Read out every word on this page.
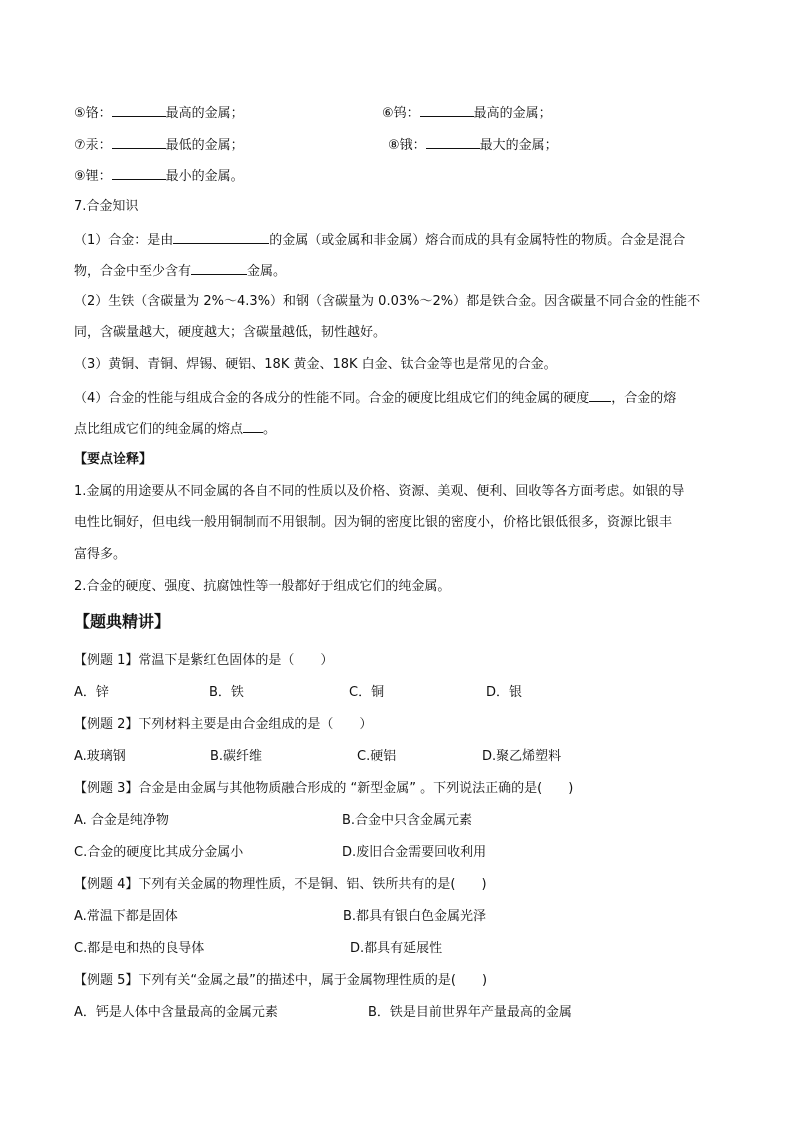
⑤铬：	最高的金属；	⑥钨：	最高的金属；
⑦汞：	最低的金属；	⑧锇：	最大的金属；
⑨锂：	最小的金属。
7.合金知识
（1）合金：是由	的金属（或金属和非金属）熔合而成的具有金属特性的物质。合金是混合
物，合金中至少含有	金属。
（2）生铁（含碳量为 2%～4.3%）和钢（含碳量为 0.03%～2%）都是铁合金。因含碳量不同合金的性能不
同，含碳量越大，硬度越大；含碳量越低，韧性越好。
（3）黄铜、青铜、焊锡、硬铝、18K 黄金、18K 白金、钛合金等也是常见的合金。
（4）合金的性能与组成合金的各成分的性能不同。合金的硬度比组成它们的纯金属的硬度 ，合金的熔
点比组成它们的纯金属的熔点 。
【要点诠释】
1.金属的用途要从不同金属的各自不同的性质以及价格、资源、美观、便利、回收等各方面考虑。如银的导
电性比铜好，但电线一般用铜制而不用银制。因为铜的密度比银的密度小，价格比银低很多，资源比银丰
富得多。
2.合金的硬度、强度、抗腐蚀性等一般都好于组成它们的纯金属。
【题典精讲】
【例题 1】常温下是紫红色固体的是（　　）
A．锌	B．铁	C．铜	D．银
【例题 2】下列材料主要是由合金组成的是（　　）
A.玻璃钢	B.碳纤维	C.硬铝	D.聚乙烯塑料
【例题 3】合金是由金属与其他物质融合形成的 “新型金属” 。下列说法正确的是(　　)
A. 合金是纯净物	B.合金中只含金属元素
C.合金的硬度比其成分金属小	D.废旧合金需要回收利用
【例题 4】下列有关金属的物理性质，不是铜、铝、铁所共有的是(　　)
A.常温下都是固体	B.都具有银白色金属光泽
C.都是电和热的良导体	D.都具有延展性
【例题 5】下列有关“金属之最”的描述中，属于金属物理性质的是(　　)
A．钙是人体中含量最高的金属元素	B．铁是目前世界年产量最高的金属
